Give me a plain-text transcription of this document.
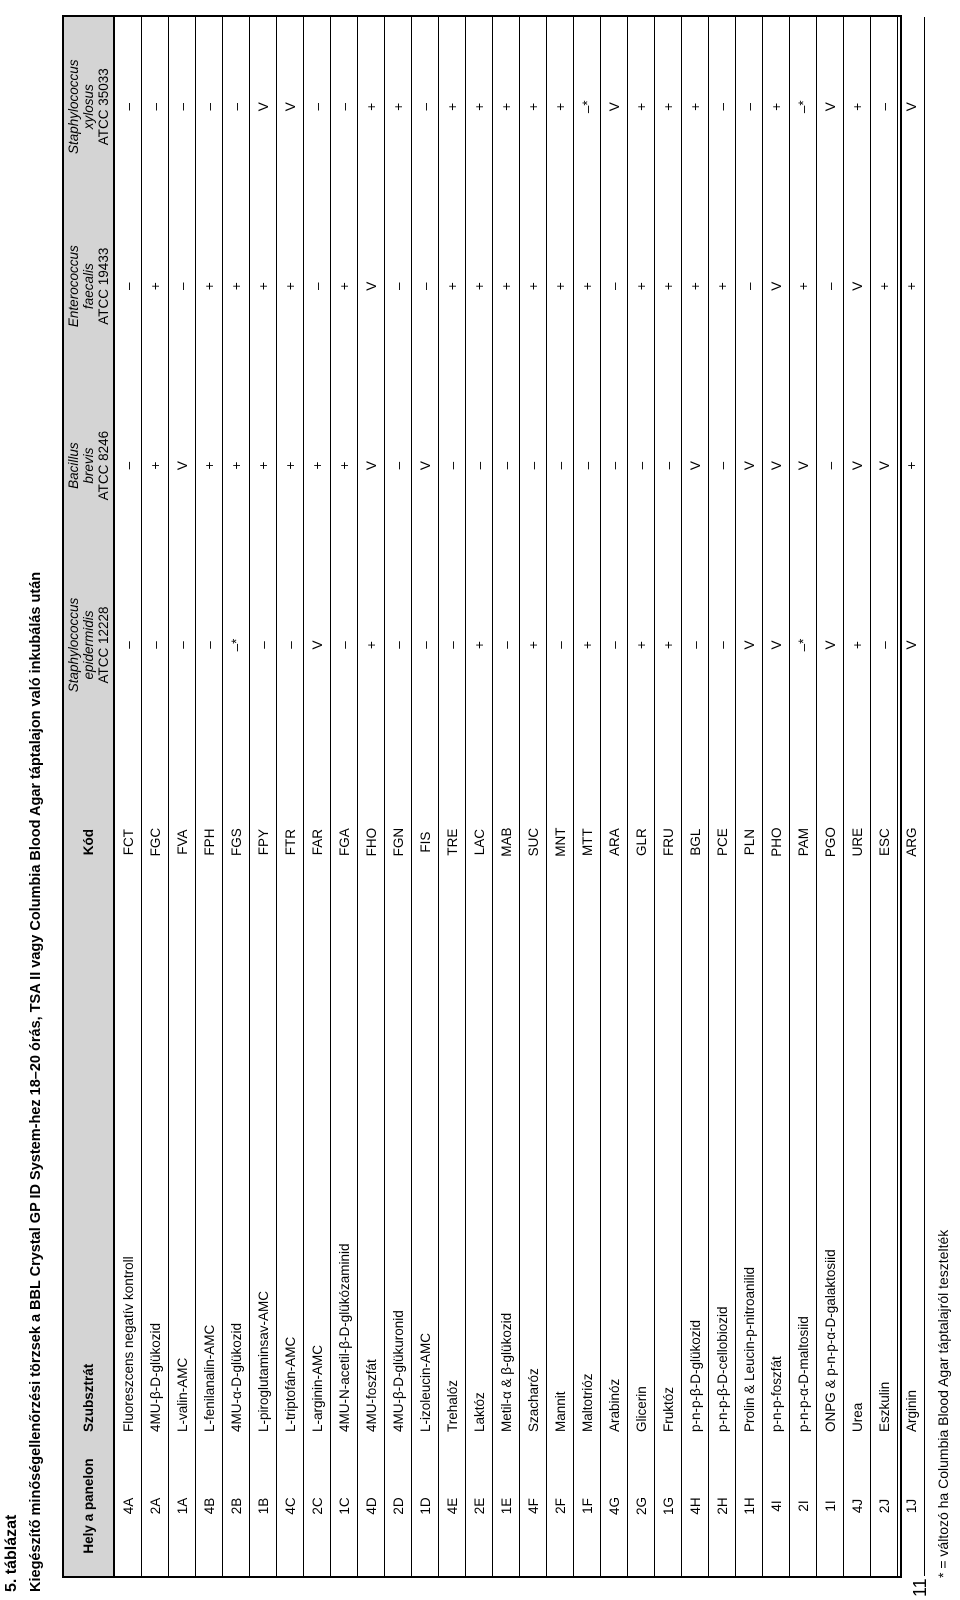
5. táblázat Kiegészítő minőségellenőrzési törzsek a BBL Crystal GP ID System-hez 18–20 órás, TSA II vagy Columbia Blood Agar táptalajon való inkubálás után	Hely a panelon	Szubsztrát	Kód	Staphylococcus
epidermidis
ATCC 12228	Bacillus
brevis
ATCC 8246	Enterococcus
faecalis
ATCC 19433	Staphylococcus
xylosus
ATCC 35033
4A	Fluoreszcens negatív kontroll	FCT	–	–	–	–
2A	4MU-β-D-glükozid	FGC	–	+	+	–
1A	L-valin-AMC	FVA	–	V	–	–
4B	L-fenilanalin-AMC	FPH	–	+	+	–
2B	4MU-α-D-glükozid	FGS	–*	+	+	–
1B	L-piroglutaminsav-AMC	FPY	–	+	+	V
4C	L-triptofán-AMC	FTR	–	+	+	V
2C	L-arginin-AMC	FAR	V	+	–	–
1C	4MU-N-acetil-β-D-glükózaminid	FGA	–	+	+	–
4D	4MU-foszfát	FHO	+	V	V	+
2D	4MU-β-D-glükuronid	FGN	–	–	–	+
1D	L-izoleucin-AMC	FIS	–	V	–	–
4E	Trehalóz	TRE	–	–	+	+
2E	Laktóz	LAC	+	–	+	+
1E	Metil-α & β-glükozid	MAB	–	–	+	+
4F	Szacharóz	SUC	+	–	+	+
2F	Mannit	MNT	–	–	+	+
1F	Maltotrióz	MTT	+	–	+	–*
4G	Arabinóz	ARA	–	–	–	V
2G	Glicerin	GLR	+	–	+	+
1G	Fruktóz	FRU	+	–	+	+
4H	p-n-p-β-D-glükozid	BGL	–	V	+	+
2H	p-n-p-β-D-cellobiozid	PCE	–	–	+	–
1H	Prolin & Leucin-p-nitroanilid	PLN	V	V	–	–
4I	p-n-p-foszfát	PHO	V	V	V	+
2I	p-n-p-α-D-maltosiid	PAM	–*	V	+	–*
1I	ONPG & p-n-p-α-D-galaktosiid	PGO	V	–	–	V
4J	Urea	URE	+	V	V	+
2J	Eszkulin	ESC	–	V	+	–
1J	Arginin	ARG	V	+	+	V
11
* = változó ha Columbia Blood Agar táptalajról tesztelték
